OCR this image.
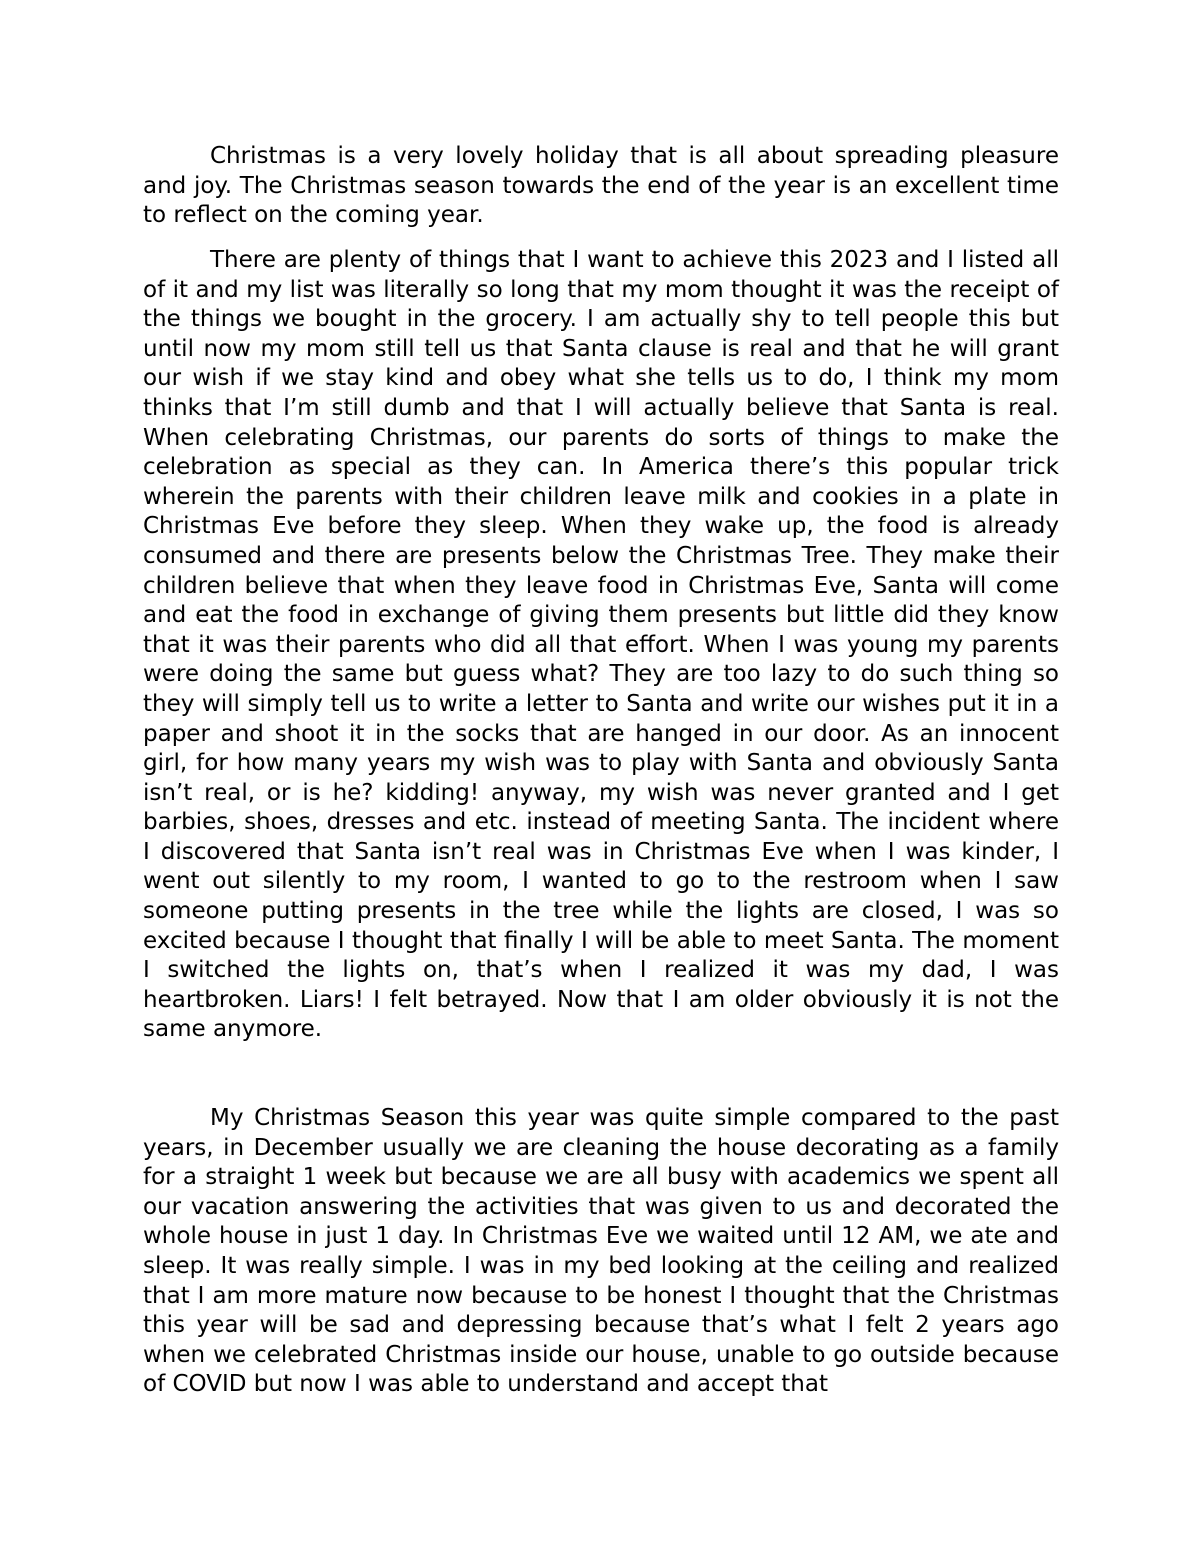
Christmas is a very lovely holiday that is all about spreading pleasure and joy. The Christmas season towards the end of the year is an excellent time to reflect on the coming year.

There are plenty of things that I want to achieve this 2023 and I listed all of it and my list was literally so long that my mom thought it was the receipt of the things we bought in the grocery. I am actually shy to tell people this but until now my mom still tell us that Santa clause is real and that he will grant our wish if we stay kind and obey what she tells us to do, I think my mom thinks that I’m still dumb and that I will actually believe that Santa is real. When celebrating Christmas, our parents do sorts of things to make the celebration as special as they can. In America there’s this popular trick wherein the parents with their children leave milk and cookies in a plate in Christmas Eve before they sleep. When they wake up, the food is already consumed and there are presents below the Christmas Tree. They make their children believe that when they leave food in Christmas Eve, Santa will come and eat the food in exchange of giving them presents but little did they know that it was their parents who did all that effort. When I was young my parents were doing the same but guess what? They are too lazy to do such thing so they will simply tell us to write a letter to Santa and write our wishes put it in a paper and shoot it in the socks that are hanged in our door. As an innocent girl, for how many years my wish was to play with Santa and obviously Santa isn’t real, or is he? kidding! anyway, my wish was never granted and I get barbies, shoes, dresses and etc. instead of meeting Santa. The incident where I discovered that Santa isn’t real was in Christmas Eve when I was kinder, I went out silently to my room, I wanted to go to the restroom when I saw someone putting presents in the tree while the lights are closed, I was so excited because I thought that finally I will be able to meet Santa. The moment I switched the lights on, that’s when I realized it was my dad, I was heartbroken. Liars! I felt betrayed. Now that I am older obviously it is not the same anymore.

My Christmas Season this year was quite simple compared to the past years, in December usually we are cleaning the house decorating as a family for a straight 1 week but because we are all busy with academics we spent all our vacation answering the activities that was given to us and decorated the whole house in just 1 day. In Christmas Eve we waited until 12 AM, we ate and sleep. It was really simple. I was in my bed looking at the ceiling and realized that I am more mature now because to be honest I thought that the Christmas this year will be sad and depressing because that’s what I felt 2 years ago when we celebrated Christmas inside our house, unable to go outside because of COVID but now I was able to understand and accept that
